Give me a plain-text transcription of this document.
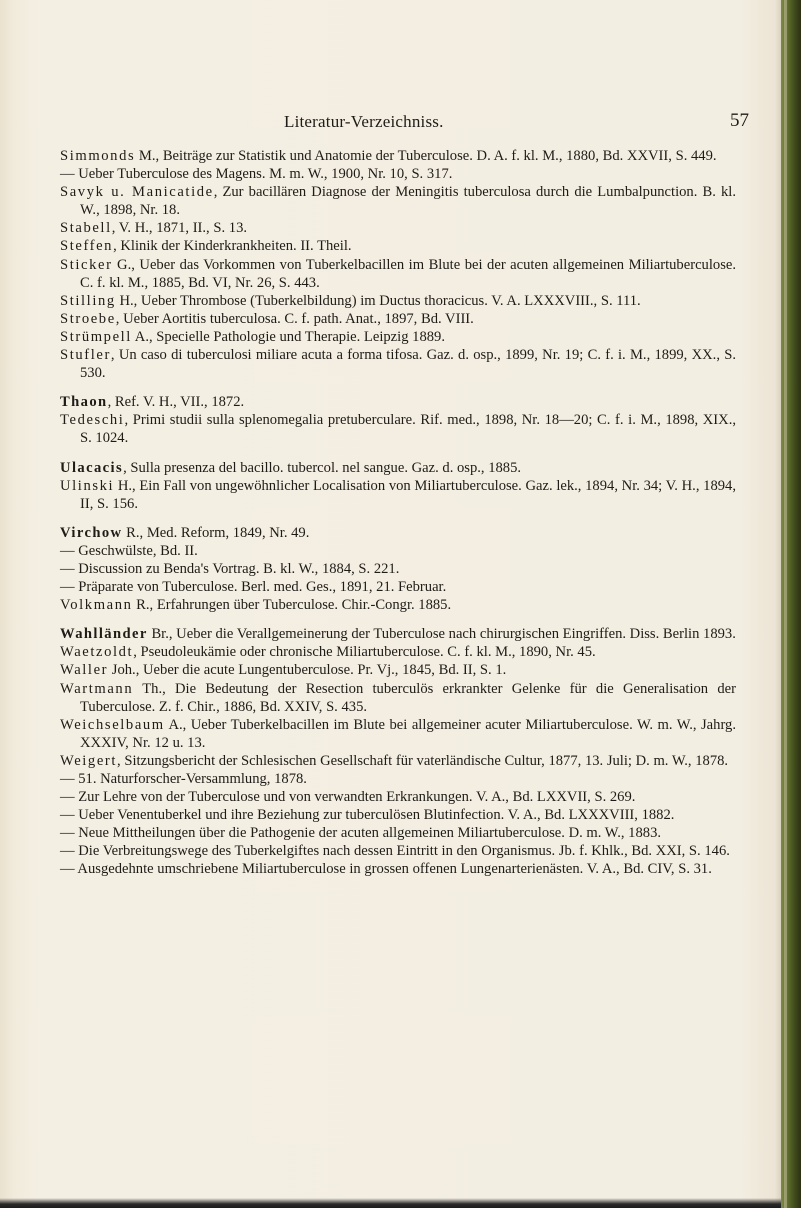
Literatur-Verzeichniss.	57

Simmonds M., Beiträge zur Statistik und Anatomie der Tuberculose. D. A. f. kl. M., 1880, Bd. XXVII, S. 449.

— Ueber Tuberculose des Magens. M. m. W., 1900, Nr. 10, S. 317.

Savyk u. Manicatide, Zur bacillären Diagnose der Meningitis tuberculosa durch die Lumbalpunction. B. kl. W., 1898, Nr. 18.

Stabell, V. H., 1871, II., S. 13.

Steffen, Klinik der Kinderkrankheiten. II. Theil.

Sticker G., Ueber das Vorkommen von Tuberkelbacillen im Blute bei der acuten allgemeinen Miliartuberculose. C. f. kl. M., 1885, Bd. VI, Nr. 26, S. 443.

Stilling H., Ueber Thrombose (Tuberkelbildung) im Ductus thoracicus. V. A. LXXXVIII., S. 111.

Stroebe, Ueber Aortitis tuberculosa. C. f. path. Anat., 1897, Bd. VIII.

Strümpell A., Specielle Pathologie und Therapie. Leipzig 1889.

Stufler, Un caso di tuberculosi miliare acuta a forma tifosa. Gaz. d. osp., 1899, Nr. 19; C. f. i. M., 1899, XX., S. 530.

Thaon, Ref. V. H., VII., 1872.

Tedeschi, Primi studii sulla splenomegalia pretuberculare. Rif. med., 1898, Nr. 18—20; C. f. i. M., 1898, XIX., S. 1024.

Ulacacis, Sulla presenza del bacillo. tubercol. nel sangue. Gaz. d. osp., 1885.

Ulinski H., Ein Fall von ungewöhnlicher Localisation von Miliartuberculose. Gaz. lek., 1894, Nr. 34; V. H., 1894, II, S. 156.

Virchow R., Med. Reform, 1849, Nr. 49.

— Geschwülste, Bd. II.

— Discussion zu Benda's Vortrag. B. kl. W., 1884, S. 221.

— Präparate von Tuberculose. Berl. med. Ges., 1891, 21. Februar.

Volkmann R., Erfahrungen über Tuberculose. Chir.-Congr. 1885.

Wahlländer Br., Ueber die Verallgemeinerung der Tuberculose nach chirurgischen Eingriffen. Diss. Berlin 1893.

Waetzoldt, Pseudoleukämie oder chronische Miliartuberculose. C. f. kl. M., 1890, Nr. 45.

Waller Joh., Ueber die acute Lungentuberculose. Pr. Vj., 1845, Bd. II, S. 1.

Wartmann Th., Die Bedeutung der Resection tuberculös erkrankter Gelenke für die Generalisation der Tuberculose. Z. f. Chir., 1886, Bd. XXIV, S. 435.

Weichselbaum A., Ueber Tuberkelbacillen im Blute bei allgemeiner acuter Miliartuberculose. W. m. W., Jahrg. XXXIV, Nr. 12 u. 13.

Weigert, Sitzungsbericht der Schlesischen Gesellschaft für vaterländische Cultur, 1877, 13. Juli; D. m. W., 1878.

— 51. Naturforscher-Versammlung, 1878.

— Zur Lehre von der Tuberculose und von verwandten Erkrankungen. V. A., Bd. LXXVII, S. 269.

— Ueber Venentuberkel und ihre Beziehung zur tuberculösen Blutinfection. V. A., Bd. LXXXVIII, 1882.

— Neue Mittheilungen über die Pathogenie der acuten allgemeinen Miliartuberculose. D. m. W., 1883.

— Die Verbreitungswege des Tuberkelgiftes nach dessen Eintritt in den Organismus. Jb. f. Khlk., Bd. XXI, S. 146.

— Ausgedehnte umschriebene Miliartuberculose in grossen offenen Lungenarterienästen. V. A., Bd. CIV, S. 31.
